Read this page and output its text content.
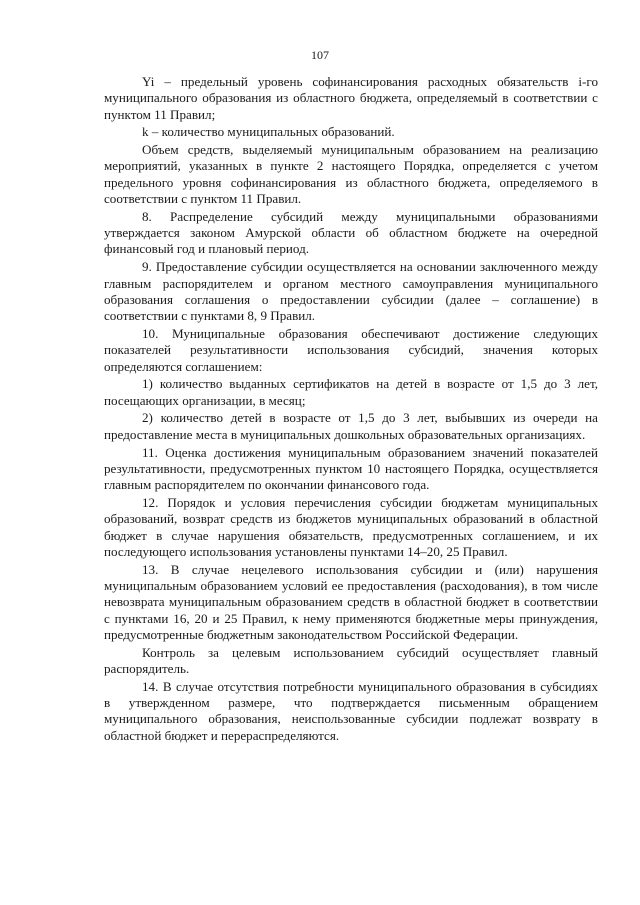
107

Yi – предельный уровень софинансирования расходных обязательств i-го муниципального образования из областного бюджета, определяемый в соответствии с пунктом 11 Правил;

k – количество муниципальных образований.

Объем средств, выделяемый муниципальным образованием на реализацию мероприятий, указанных в пункте 2 настоящего Порядка, определяется с учетом предельного уровня софинансирования из областного бюджета, определяемого в соответствии с пунктом 11 Правил.

8. Распределение субсидий между муниципальными образованиями утверждается законом Амурской области об областном бюджете на очередной финансовый год и плановый период.

9. Предоставление субсидии осуществляется на основании заключенного между главным распорядителем и органом местного самоуправления муниципального образования соглашения о предоставлении субсидии (далее – соглашение) в соответствии с пунктами 8, 9 Правил.

10. Муниципальные образования обеспечивают достижение следующих показателей результативности использования субсидий, значения которых определяются соглашением:

1) количество выданных сертификатов на детей в возрасте от 1,5 до 3 лет, посещающих организации, в месяц;

2) количество детей в возрасте от 1,5 до 3 лет, выбывших из очереди на предоставление места в муниципальных дошкольных образовательных организациях.

11. Оценка достижения муниципальным образованием значений показателей результативности, предусмотренных пунктом 10 настоящего Порядка, осуществляется главным распорядителем по окончании финансового года.

12. Порядок и условия перечисления субсидии бюджетам муниципальных образований, возврат средств из бюджетов муниципальных образований в областной бюджет в случае нарушения обязательств, предусмотренных соглашением, и их последующего использования установлены пунктами 14–20, 25 Правил.

13. В случае нецелевого использования субсидии и (или) нарушения муниципальным образованием условий ее предоставления (расходования), в том числе невозврата муниципальным образованием средств в областной бюджет в соответствии с пунктами 16, 20 и 25 Правил, к нему применяются бюджетные меры принуждения, предусмотренные бюджетным законодательством Российской Федерации.

Контроль за целевым использованием субсидий осуществляет главный распорядитель.

14. В случае отсутствия потребности муниципального образования в субсидиях в утвержденном размере, что подтверждается письменным обращением муниципального образования, неиспользованные субсидии подлежат возврату в областной бюджет и перераспределяются.
